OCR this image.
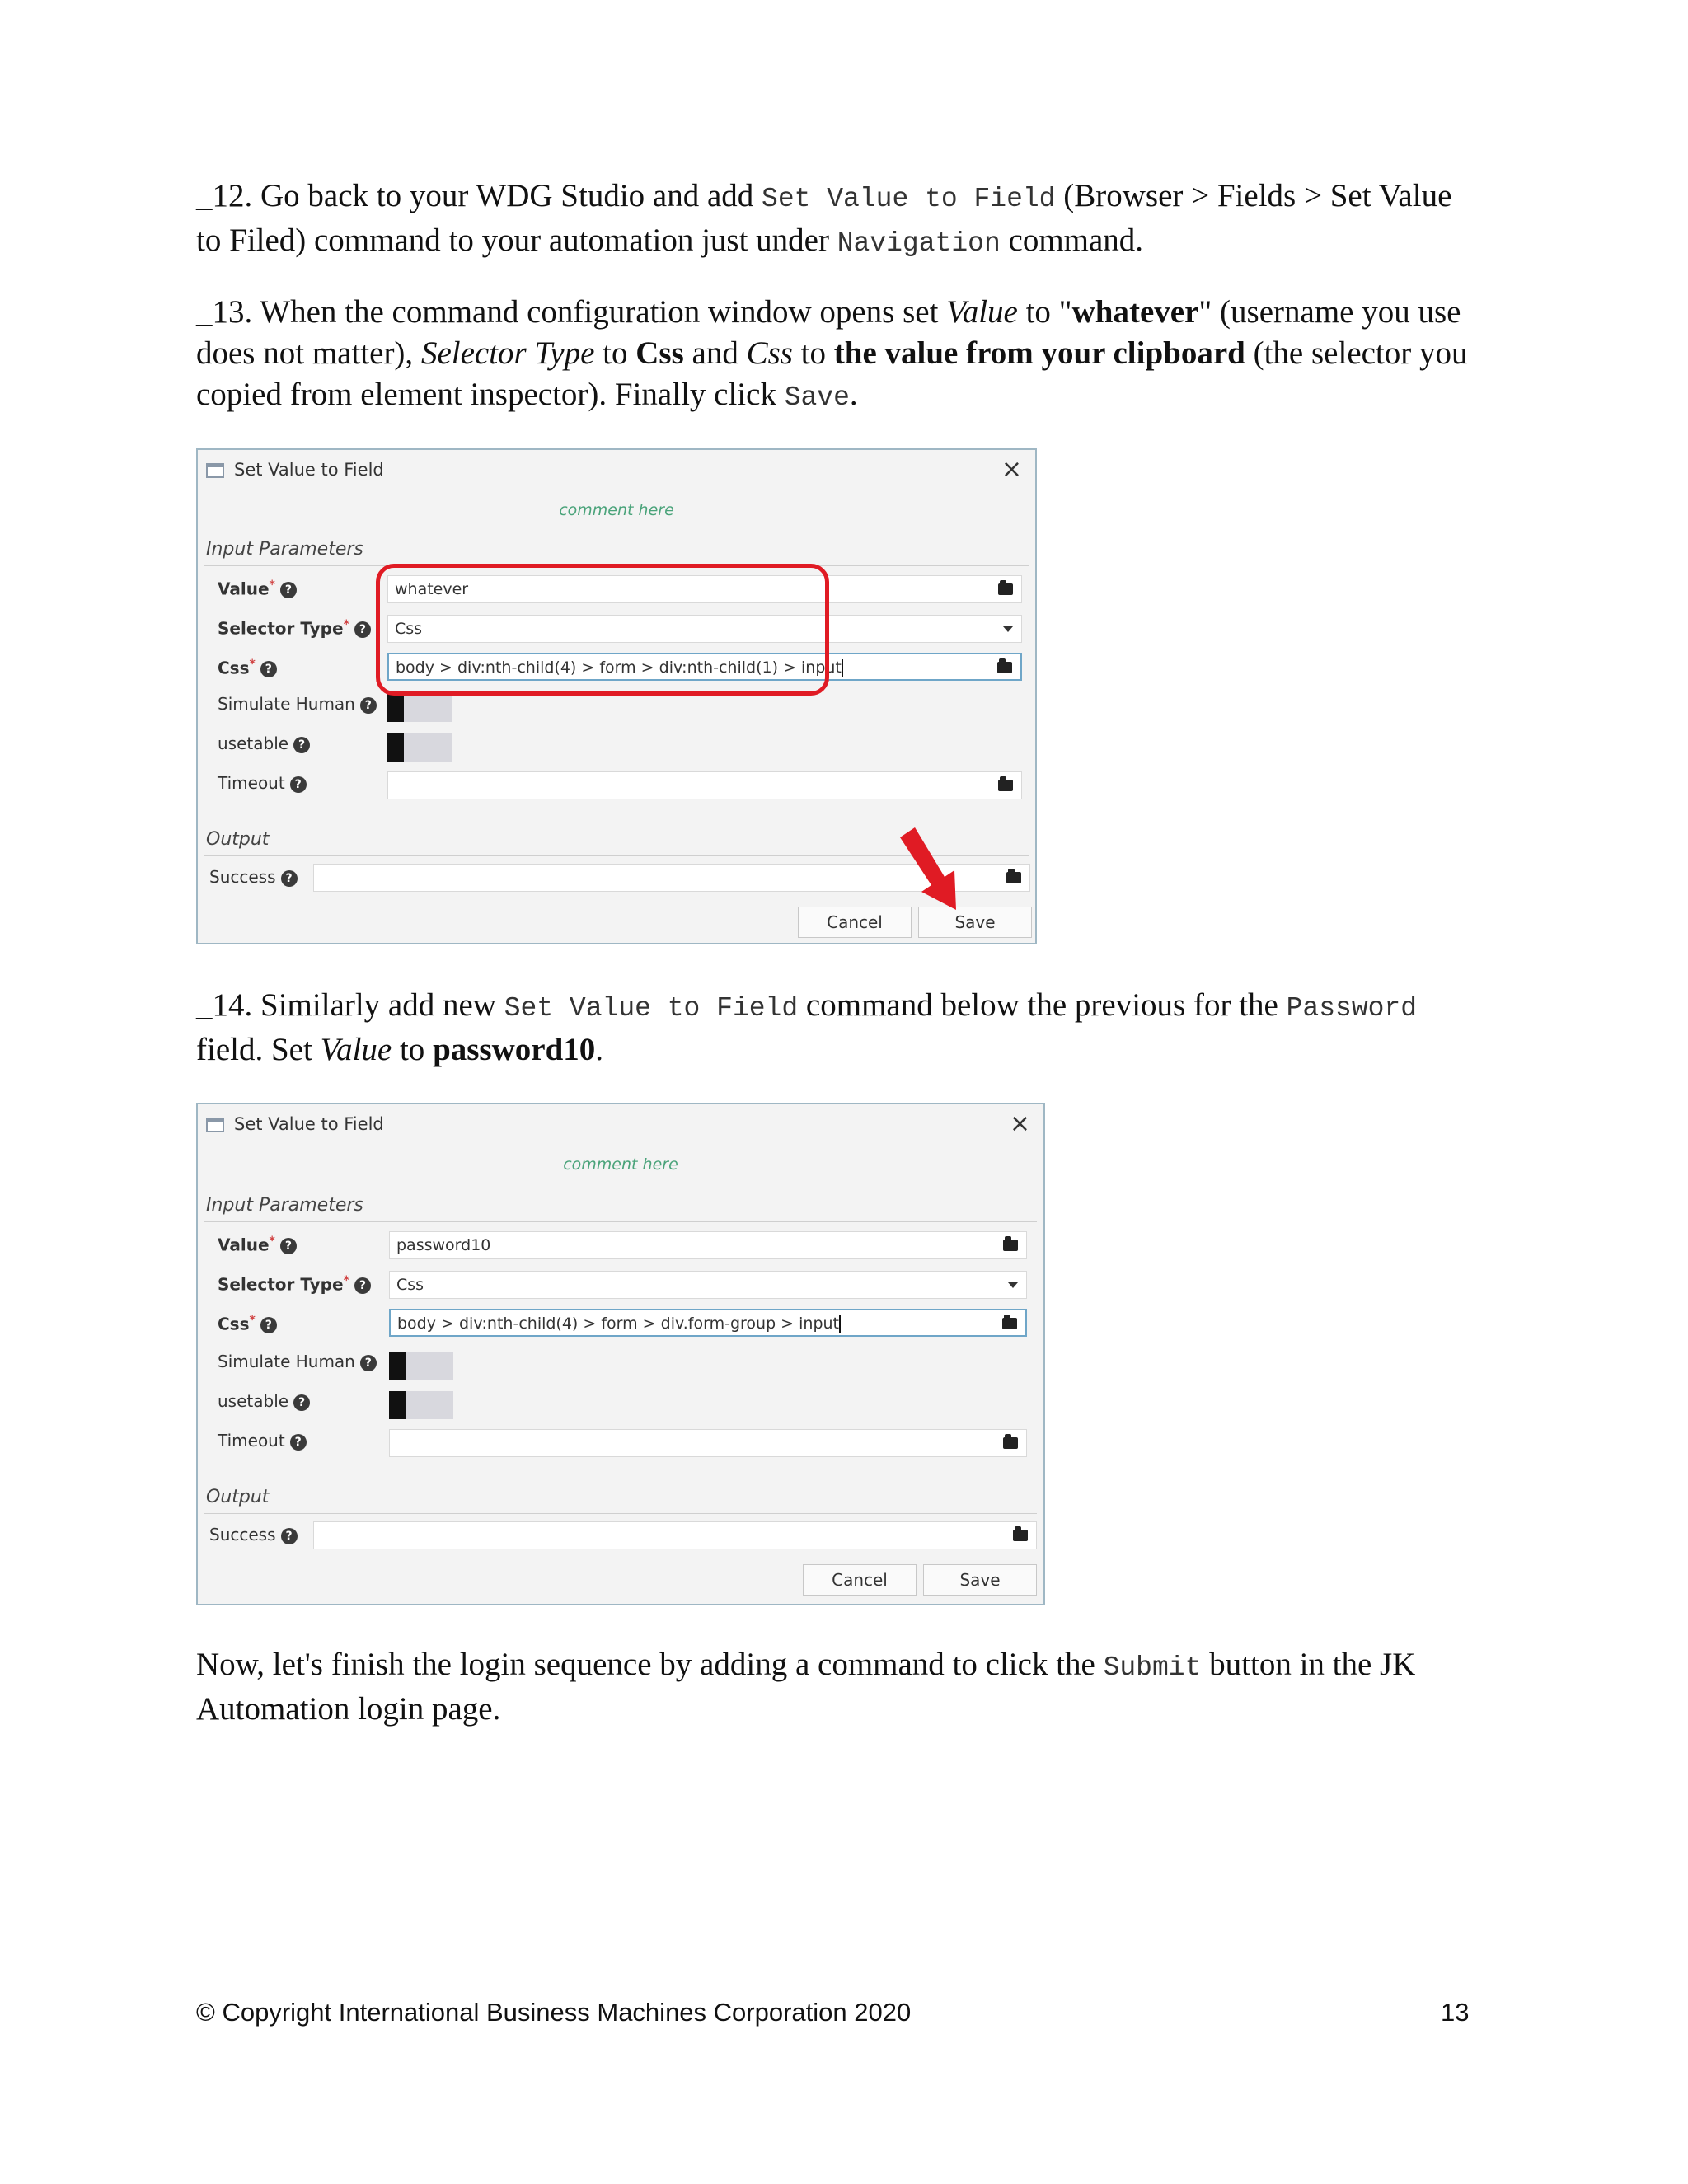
_12. Go back to your WDG Studio and add Set Value to Field (Browser > Fields > Set Value to Filed) command to your automation just under Navigation command.
_13. When the command configuration window opens set Value to "whatever" (username you use does not matter), Selector Type to Css and Css to the value from your clipboard (the selector you copied from element inspector). Finally click Save.
Set Value to Field	×
comment here
Input Parameters
Value* ?	whatever
Selector Type* ?	Css
Css* ?	body > div:nth-child(4) > form > div:nth-child(1) > input
Simulate Human ?
usetable ?
Timeout ?
Output
Success ?
Cancel	Save
_14. Similarly add new Set Value to Field command below the previous for the Password field. Set Value to password10.
Set Value to Field	×
comment here
Input Parameters
Value* ?	password10
Selector Type* ?	Css
Css* ?	body > div:nth-child(4) > form > div.form-group > input
Simulate Human ?
usetable ?
Timeout ?
Output
Success ?
Cancel	Save
Now, let's finish the login sequence by adding a command to click the Submit button in the JK Automation login page.
© Copyright International Business Machines Corporation 2020	13
